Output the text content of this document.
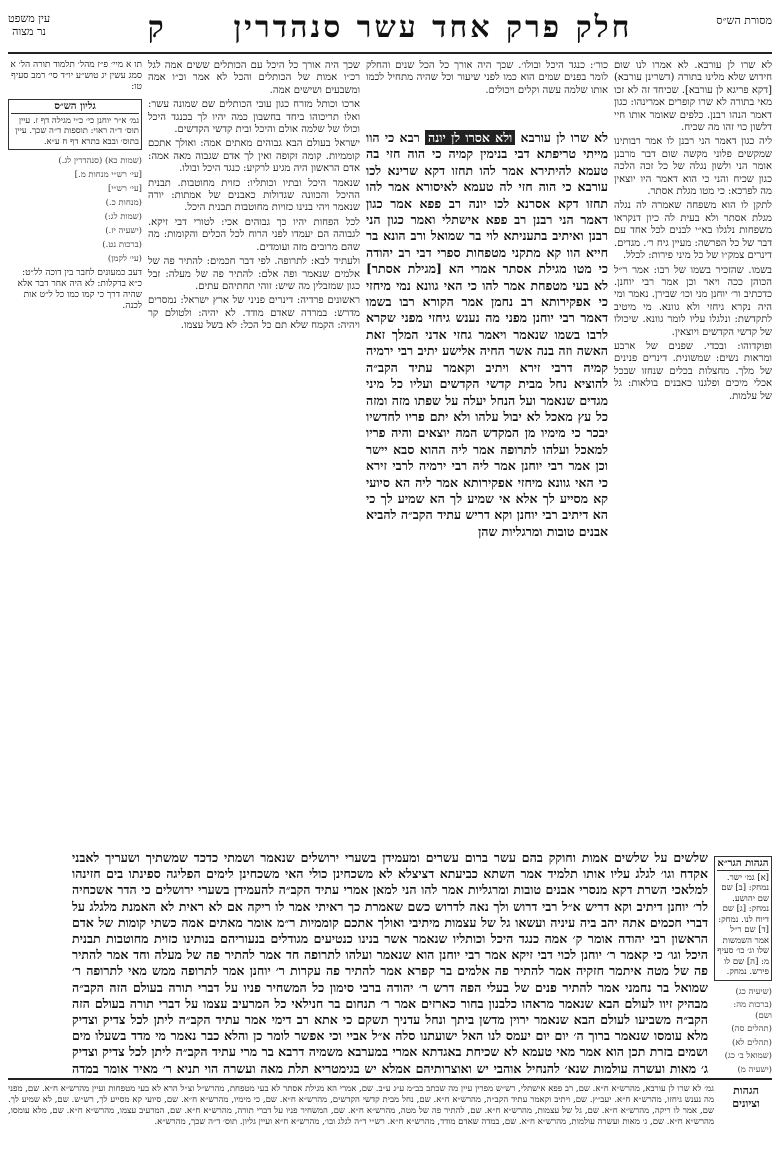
מסורת הש״ס
חלק פרק אחד עשר סנהדרין  ק
עין משפט
נר מצוה

לא שרו לן עורבא. לא אמרו לנו שום חידוש שלא מלינו בתורה (דשרינן עורבא) [דקא פריגא לן עורבא]. שכיחד זה לא זכו מאי בתורה לא שרו קופרים אמרינהו: כגון דאמר הנהו רבנן. כלפים שאומר אותו חיי דלשון כוי זהו מה שכיח.

ליה כגון דאמר הני רבנן לו אמר רבותינו שמקשים פלוני מקשה שום דבר מרבנן אומר הני ולשון נגלה של כל זכה הלכה כגון שכיח והני כי הוא דאמר היו יוצאין מה לפרכא: כי מטו מגלת אסתר.

לתקן לו הוא משפחה שאמרה לה נגלה מגלת אסתר ולא בעית לה כיון דנקראו משפחות נלגלו בא״י לבנים לכל אחד עם דבר של כל הפרשה: מעיין גיח ר׳. מגדים. דינרים צמק״ו של כל מיני פירות: לכלל.

בשמו. שהזכיר בשמו של רבו: אמר ר״ל הכוהן ככה ויאר וכן אמר רבי יוחנן. כדכתיב ור׳ יוחנן מני וכו׳ שבירן. נאמר ומי היה נקרא גיחזי ולא גוונא. מי מיטיב לתקדשת: ונלגלו עליו לומר גוונא. שיכולו של קדשי הקדשים ויוצאין.

ופוקדוהו: ובכדי. שפנים של ארבע ומראות נשים: שמשונית. דינרים פנינים של מלך. מחצלות בכלים שנחזו שבכל אכלי מיכים ופלגנו כאבנים בולאות: גל של עלמות.

כור׳: כנגד היכל ובולו׳. שכך היה אורך כל הכל שנים והחלק לומר בפנים שמים הוא כמו לפני שיעור וכל שהיה מתחיל לכמו אותו שלמה עשה וקלים ויכולים.
לא שרו לן עורבא ולא אסרו לן יונה רבא כי הוו מייתי טריפתא דבי בנימין קמיה כי הוה חזי בה טעמא להיתירא אמר להו תחזו דקא שרינא לכו עורבא כי הוה חזי לה טעמא לאיסורא אמר להו תחזו דקא אסרנא לכו יונה רב פפא אמר כגון דאמר הני רבנן רב פפא אישתלי ואמר כגון הני רבנן ואיתיב בתעניתא לוי בר שמואל ורב הונא בר חייא הוו קא מתקני מטפחות ספרי דבי רב יהודה כי מטו מגילת אסתר אמרי הא [מגילת אסתר] לא בעי מטפחת אמר להו כי האי גוונא נמי מיחזי כי אפקירותא רב נחמן אמר הקורא רבו בשמו דאמר רבי יוחנן מפני מה נענש גיחזי מפני שקרא לרבו בשמו שנאמר ויאמר גחזי אדני המלך זאת האשה וזה בנה אשר החיה אלישע יתיב רבי ירמיה קמיה דרבי זירא ויתיב וקאמר עתיד הקב״ה להוציא נחל מבית קדשי הקדשים ועליו כל מיני מגדים שנאמר ועל הנחל יעלה על שפתו מזה ומזה כל עץ מאכל לא יבול עלהו ולא יתם פריו לחדשיו יבכר כי מימיו מן המקדש המה יוצאים והיה פריו למאכל ועלהו לתרופה אמר ליה ההוא סבא יישר וכן אמר רבי יוחנן אמר ליה רבי ירמיה לרבי זירא כי האי גוונא מיחזי אפקירותא אמר ליה הא סיועי קא מסייע לך אלא אי שמיע לך הא שמיע לך כי הא דיתיב רבי יוחנן וקא דריש עתיד הקב״ה להביא אבנים טובות ומרגליות שהן

שכך היה אורך כל היכל עם הכותלים ששים אמה לגל רכ״ו אמות של הכותלים והכל לא אמר וכ״ו אמה ומשבעים ושישים אמה.

ארכו וכותל מזרח כגון עובי הכותלים שם שמונה עשר: ואלו תריכוהו ביחד בחשבון כמה יהיו לך בכנגד היכל וכולו של שלמה אולם והיכל ובית קדשי הקדשים.

ישראל בעולם הבא גבוהים מאתים אמה: ואולך אתכם קוממיות. קומה זקופה ואין לך אדם שגבוה מאה אמה: אדם הראשון היה מגיע לרקיע: כנגד היכל ובולו.

שנאמר היכל ובתיו וכותליו: כזוית מחוטבות. תבנית ההיכל והכוונה שגדולות כאבנים של אמתות: יורה שנאמר ויהי בנינו כזויות מחוטבות תבנית היכל.

לכל הפחות יהיו כך גבוהים אכי: לטורי דבי זיקא. לגבוהה הם יעמדו לפני הרוח לכל הכלים והקומות: מה שהם מרובים מזה ועומדים.

ולעתיד לבא: לתרופה. לפי דבר חכמים: להתיר פה של אלמים שנאמר ופה אלם: להתיר פה של מעלה: זבל כגון שמזבלין מה שיש: זוהי תחתיהם עתים.

ראשונים פרדיה: דינרים פניני של ארץ ישראל: נמסרים מדרש: במרדה שאדם מודד. לא יהיה: ולטולם קר ויהיה: הקמח שלא תם כל הכל: לא בשל עצמו.

תו א מיי׳ פ״ז מהל׳ תלמוד תורה הל׳ א סמג עשין יג טוש״ע יו״ד סי׳ רמב סעיף טו:
גליון הש״ס
גמ׳ א״ר יוחנן כי׳ כ״י מגילה דף ז. עיין תוס׳ ד״ה ראוי: תוספות ד״ה שכך. עיין בתוס׳ ובבא בתרא דף ח ע״א.
(שמות כא) (סנהדרין לג.)
[עי׳ רש״י מנחות מ.]
[עי׳ רש״י]
(מנחות כ.)
(שמות לג:)
(ישעיה יז.)
(ברכות נט.)
(עי׳ לקמן)
דעב כמעונים לחבר בין דוכה לל״ט: כ״א בדקלות: לא היה אחר דבר אלא שהיה דרך כי קמו כמו כל ל״ט אות לכנה.
הגהות הגר״א
[א] גמ׳ ישר. נמחק: [ב] שם שם יהושע. נמחק: [ג] שם דיוח לנו. נמחק: [ד] שם ר״ל אמר השמשות שלו וג׳ כו׳ סעיף מ: [ה] שם לו פירש. נמחק.
(שיעיה כג)
(ברכות מה: ושם)
(תהלים סה)
(תהלים לא)
(שמואל ב׳ כג)
(ישעיה מ)
שלשים על שלשים אמות וחוקק בהם עשר ברום עשרים ומעמידן בשערי ירושלים שנאמר ושמתי כדכד שמשתיך ושעריך לאבני אקדח וגו׳ לגלג עליו אותו תלמיד אמר השתא כביעתא דציצלא לא משכחינן כולי האי משכחינן לימים הפליגה ספינתו בים חזינהו למלאכי השרת דקא מנסרי אבנים טובות ומרגליות אמר להו הני למאן אמרי עתיד הקב״ה להעמידן בשערי ירושלים כי הדר אשכחיה לר׳ יוחנן דיתיב וקא דריש א״ל רבי דרוש ולך נאה לדרוש כשם שאמרת כך ראיתי אמר לו ריקה אם לא ראית לא האמנת מלגלג על דברי חכמים אתה יהב ביה עיניה ועשאו גל של עצמות מיתיבי ואולך אתכם קוממיות ר״מ אומר מאתים אמה כשתי קומות של אדם הראשון רבי יהודה אומר ק׳ אמה כנגד היכל וכותליו שנאמר אשר בנינו כנטיעים מגודלים בנעוריהם בנותינו כזוית מחוטבות תבנית היכל וגו׳ כי קאמר ר׳ יוחנן לכוי דבי זיקא אמר רבי יוחנן הוא שנאמר ועלהו לתרופה חד אמר להתיר פה של מעלה וחד אמר להתיר פה של מטה איתמר חזקיה אמר להתיר פה אלמים בר קפרא אמר להתיר פה עקרות ר׳ יוחנן אמר לתרופה ממש מאי לתרופה ר׳ שמואל בר נחמני אמר להתיר פנים של בעלי הפה דרש ר׳ יהודה ברבי סימון כל המשחיר פניו על דברי תורה בעולם הזה הקב״ה מבהיק זיוו לעולם הבא שנאמר מראהו כלבנון בחור כארזים אמר ר׳ תנחום בר חנילאי כל המרעיב עצמו על דברי תורה בעולם הזה הקב״ה משביעו לעולם הבא שנאמר ירוין מדשן ביתך ונחל עדניך תשקם כי אתא רב דימי אמר עתיד הקב״ה ליתן לכל צדיק וצדיק מלא עומסו שנאמר ברוך ה׳ יום יום יעמס לנו האל ישועתנו סלה א״ל אביי וכי אפשר לומר כן והלא כבר נאמר מי מדד בשעלו מים ושמים בזרת תכן הוא אמר מאי טעמא לא שכיחת באגדתא אמרי במערבא משמיה דרבא בר מרי עתיד הקב״ה ליתן לכל צדיק וצדיק ג׳ מאות ועשרה עולמות שנא׳ להנחיל אוהבי יש ואוצרותיהם אמלא יש בגימטריא תלת מאה ועשרה הוי תניא ר׳ מאיר אומר במדה
הגהות וציונים
גמ׳ לא שרו לן עורבא, מהרש״א ח״א. שם, רב פפא אישתלי, רש״ש מפרין עיין מה שכתב בב״מ ע״ג ע״ב. שם, אמרי הא מגילת אסתר לא בעי מטפחת, מהרש״ל וצ״ל הרא לא בעי מטפחות ועיין מהרש״א ח״א. שם, מפני מה נענש גיחזו, מהרש״א ח״א. יעב״ץ. שם, ויתיב וקאמר עתיד הקב״ה, מהרש״א ח״א. שם, נחל מבית קדשי הקדשים, מהרש״א ח״א. שם, כי מימיו, מהרש״א ח״א. שם, סיועי קא מסייע לך, רש״ש. שם, לא שמיע לך. שם, אמר לו ריקה, מהרש״א ח״א. שם, גל של עצמות, מהרש״א ח״א. שם, להתיר פה של מטה, מהרש״א ח״א. שם, המשחיר פניו על דברי תורה, מהרש״א ח״א. שם, המרעיב עצמו, מהרש״א ח״א. שם, מלא עומסו, מהרש״א ח״א. שם, ג׳ מאות ועשרה עולמות, מהרש״א ח״א. שם, במדה שאדם מודד, מהרש״א ח״א. רש״י ד״ה לגלג ובו׳, מהרש״א ח״א ועיין גליון. תוס׳ ד״ה שכך, מהרש״א.
